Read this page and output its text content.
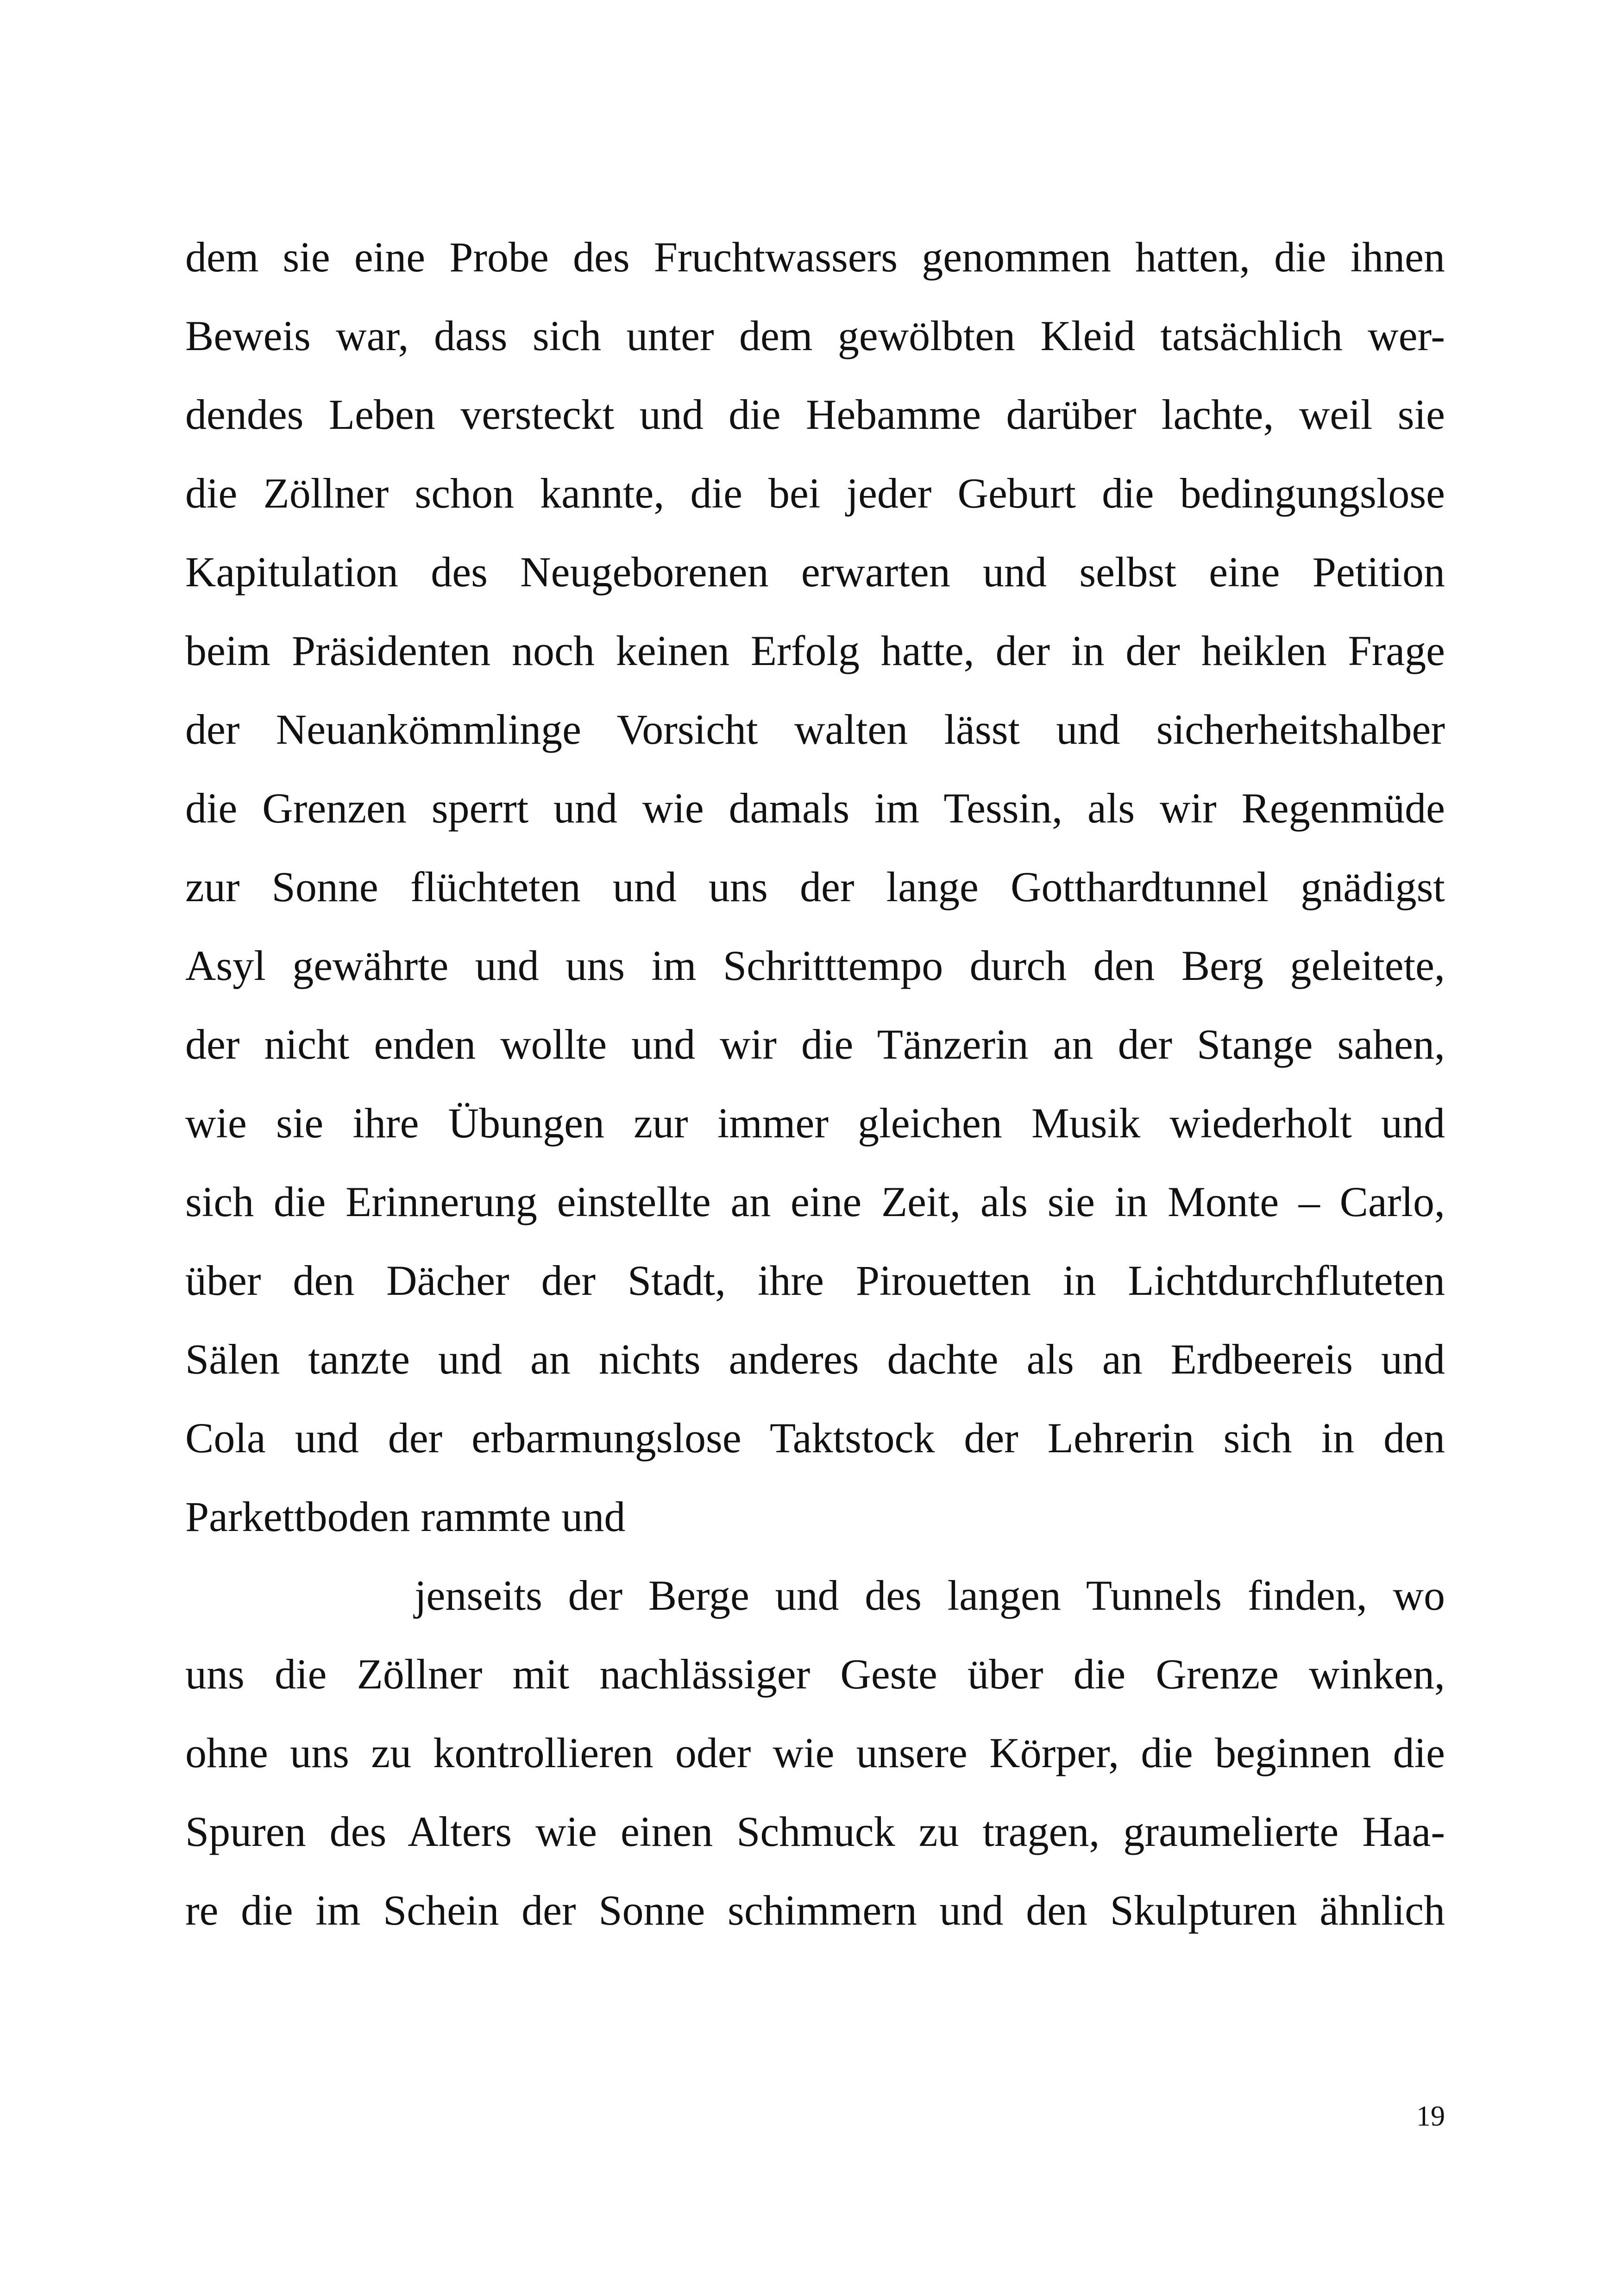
dem sie eine Probe des Fruchtwassers genommen hatten, die ihnen
Beweis war, dass sich unter dem gewölbten Kleid tatsächlich wer-
dendes Leben versteckt und die Hebamme darüber lachte, weil sie
die Zöllner schon kannte, die bei jeder Geburt die bedingungslose
Kapitulation des Neugeborenen erwarten und selbst eine Petition
beim Präsidenten noch keinen Erfolg hatte, der in der heiklen Frage
der Neuankömmlinge Vorsicht walten lässt und sicherheitshalber
die Grenzen sperrt und wie damals im Tessin, als wir Regenmüde
zur Sonne flüchteten und uns der lange Gotthardtunnel gnädigst
Asyl gewährte und uns im Schritttempo durch den Berg geleitete,
der nicht enden wollte und wir die Tänzerin an der Stange sahen,
wie sie ihre Übungen zur immer gleichen Musik wiederholt und
sich die Erinnerung einstellte an eine Zeit, als sie in Monte – Carlo,
über den Dächer der Stadt, ihre Pirouetten in Lichtdurchfluteten
Sälen tanzte und an nichts anderes dachte als an Erdbeereis und
Cola und der erbarmungslose Taktstock der Lehrerin sich in den
Parkettboden rammte und
jenseits der Berge und des langen Tunnels finden, wo
uns die Zöllner mit nachlässiger Geste über die Grenze winken,
ohne uns zu kontrollieren oder wie unsere Körper, die beginnen die
Spuren des Alters wie einen Schmuck zu tragen, graumelierte Haa-
re die im Schein der Sonne schimmern und den Skulpturen ähnlich
19
